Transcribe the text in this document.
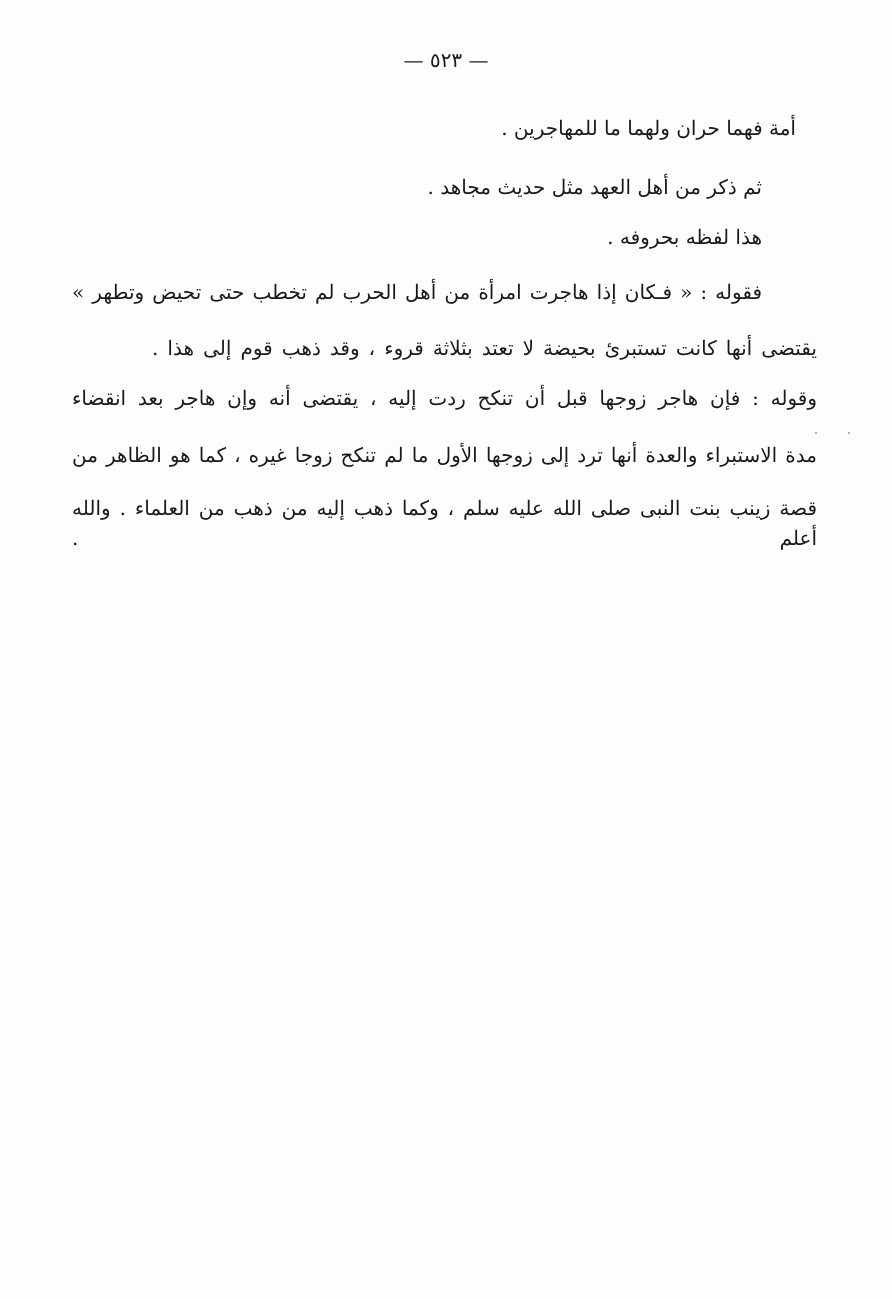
— ٥٢٣ —
أمة فهما حران ولهما ما للمهاجرين .
ثم ذكر من أهل العهد مثل حديث مجاهد .
هذا لفظه بحروفه .
فقوله : « فـكان إذا هاجرت امرأة من أهل الحرب لم تخطب حتى تحيض وتطهر »
يقتضى أنها كانت تستبرئ بحيضة لا تعتد بثلاثة قروء ، وقد ذهب قوم إلى هذا .
وقوله : فإن هاجر زوجها قبل أن تنكح ردت إليه ، يقتضى أنه وإن هاجر بعد انقضاء
مدة الاستبراء والعدة أنها ترد إلى زوجها الأول ما لم تنكح زوجا غيره ، كما هو الظاهر من
قصة زينب بنت النبى صلى الله عليه سلم ، وكما ذهب إليه من ذهب من العلماء . والله أعلم .
